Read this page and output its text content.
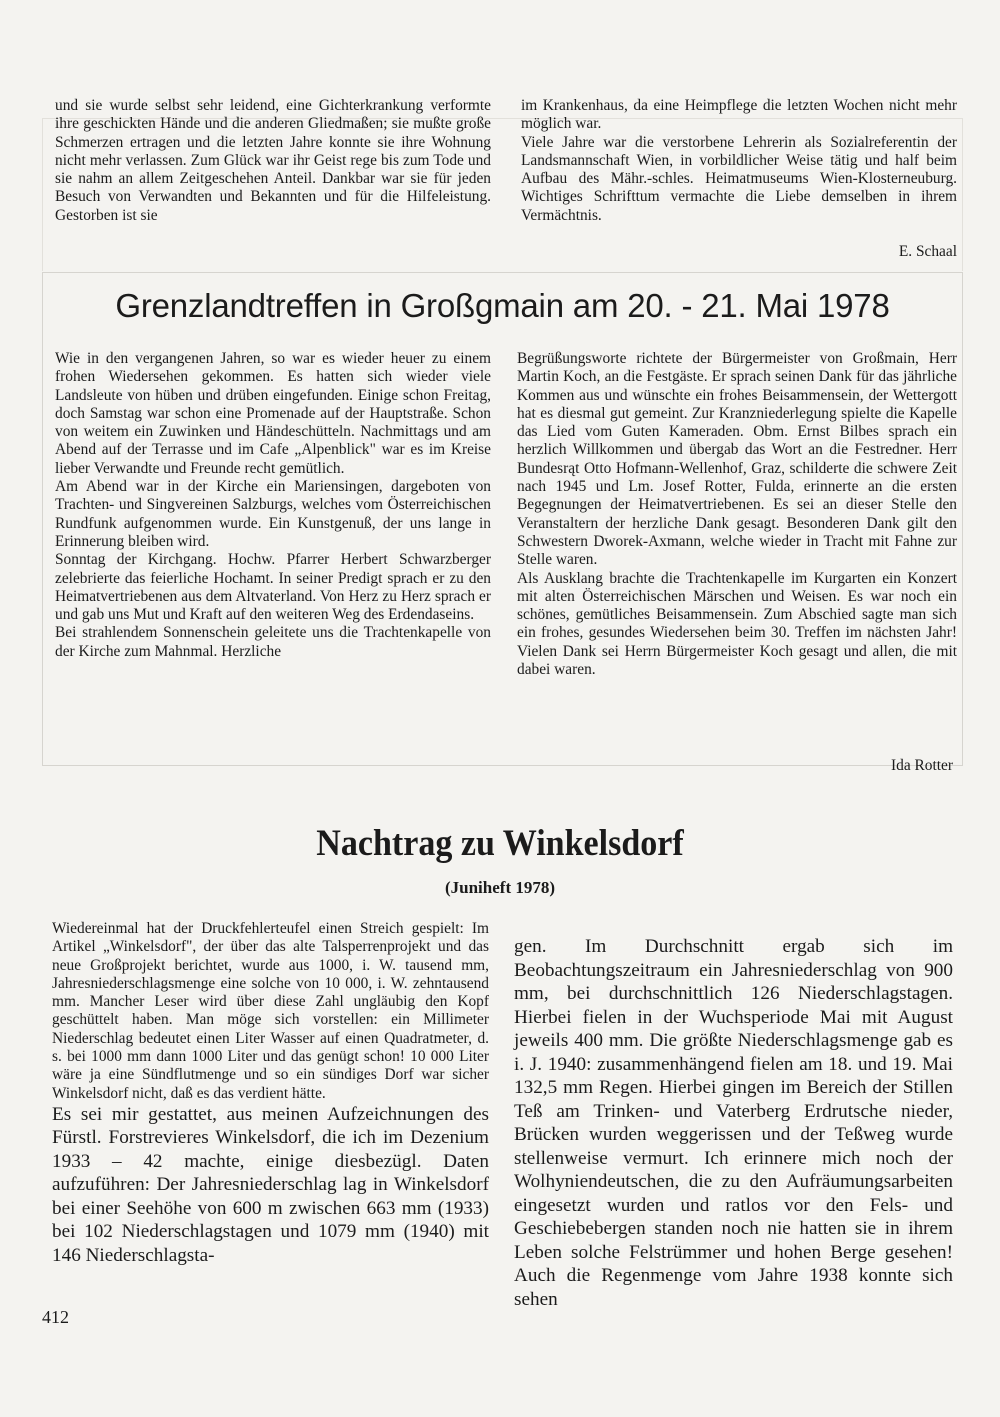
und sie wurde selbst sehr leidend, eine Gichterkrankung verformte ihre geschickten Hände und die anderen Gliedmaßen; sie mußte große Schmerzen ertragen und die letzten Jahre konnte sie ihre Wohnung nicht mehr verlassen. Zum Glück war ihr Geist rege bis zum Tode und sie nahm an allem Zeitgeschehen Anteil. Dankbar war sie für jeden Besuch von Verwandten und Bekannten und für die Hilfeleistung. Gestorben ist sie

im Krankenhaus, da eine Heimpflege die letzten Wochen nicht mehr möglich war.

Viele Jahre war die verstorbene Lehrerin als Sozialreferentin der Landsmannschaft Wien, in vorbildlicher Weise tätig und half beim Aufbau des Mähr.-schles. Heimatmuseums Wien-Klosterneuburg. Wichtiges Schrifttum vermachte die Liebe demselben in ihrem Vermächtnis.

E. Schaal
Grenzlandtreffen in Großgmain am 20. - 21. Mai 1978

Wie in den vergangenen Jahren, so war es wieder heuer zu einem frohen Wiedersehen gekommen. Es hatten sich wieder viele Landsleute von hüben und drüben eingefunden. Einige schon Freitag, doch Samstag war schon eine Promenade auf der Hauptstraße. Schon von weitem ein Zuwinken und Händeschütteln. Nachmittags und am Abend auf der Terrasse und im Cafe „Alpenblick" war es im Kreise lieber Verwandte und Freunde recht gemütlich.

Am Abend war in der Kirche ein Mariensingen, dargeboten von Trachten- und Singvereinen Salzburgs, welches vom Österreichischen Rundfunk aufgenommen wurde. Ein Kunstgenuß, der uns lange in Erinnerung bleiben wird.

Sonntag der Kirchgang. Hochw. Pfarrer Herbert Schwarzberger zelebrierte das feierliche Hochamt. In seiner Predigt sprach er zu den Heimatvertriebenen aus dem Altvaterland. Von Herz zu Herz sprach er und gab uns Mut und Kraft auf den weiteren Weg des Erdendaseins.

Bei strahlendem Sonnenschein geleitete uns die Trachtenkapelle von der Kirche zum Mahnmal. Herzliche

Begrüßungsworte richtete der Bürgermeister von Großmain, Herr Martin Koch, an die Festgäste. Er sprach seinen Dank für das jährliche Kommen aus und wünschte ein frohes Beisammensein, der Wettergott hat es diesmal gut gemeint. Zur Kranzniederlegung spielte die Kapelle das Lied vom Guten Kameraden. Obm. Ernst Bilbes sprach ein herzlich Willkommen und übergab das Wort an die Festredner. Herr Bundesrąt Otto Hofmann-Wellenhof, Graz, schilderte die schwere Zeit nach 1945 und Lm. Josef Rotter, Fulda, erinnerte an die ersten Begegnungen der Heimatvertriebenen. Es sei an dieser Stelle den Veranstaltern der herzliche Dank gesagt. Besonderen Dank gilt den Schwestern Dworek-Axmann, welche wieder in Tracht mit Fahne zur Stelle waren.

Als Ausklang brachte die Trachtenkapelle im Kurgarten ein Konzert mit alten Österreichischen Märschen und Weisen. Es war noch ein schönes, gemütliches Beisammensein. Zum Abschied sagte man sich ein frohes, gesundes Wiedersehen beim 30. Treffen im nächsten Jahr! Vielen Dank sei Herrn Bürgermeister Koch gesagt und allen, die mit dabei waren.

Ida Rotter
Nachtrag zu Winkelsdorf
(Juniheft 1978)

Wiedereinmal hat der Druckfehlerteufel einen Streich gespielt: Im Artikel „Winkelsdorf", der über das alte Talsperrenprojekt und das neue Großprojekt berichtet, wurde aus 1000, i. W. tausend mm, Jahresniederschlagsmenge eine solche von 10 000, i. W. zehntausend mm. Mancher Leser wird über diese Zahl ungläubig den Kopf geschüttelt haben. Man möge sich vorstellen: ein Millimeter Niederschlag bedeutet einen Liter Wasser auf einen Quadratmeter, d. s. bei 1000 mm dann 1000 Liter und das genügt schon! 10 000 Liter wäre ja eine Sündflutmenge und so ein sündiges Dorf war sicher Winkelsdorf nicht, daß es das verdient hätte.

Es sei mir gestattet, aus meinen Aufzeichnungen des Fürstl. Forstrevieres Winkelsdorf, die ich im Dezenium 1933 – 42 machte, einige diesbezügl. Daten aufzuführen: Der Jahresniederschlag lag in Winkelsdorf bei einer Seehöhe von 600 m zwischen 663 mm (1933) bei 102 Niederschlagstagen und 1079 mm (1940) mit 146 Niederschlagsta-

gen. Im Durchschnitt ergab sich im Beobachtungszeitraum ein Jahresniederschlag von 900 mm, bei durchschnittlich 126 Niederschlagstagen. Hierbei fielen in der Wuchsperiode Mai mit August jeweils 400 mm. Die größte Niederschlagsmenge gab es i. J. 1940: zusammenhängend fielen am 18. und 19. Mai 132,5 mm Regen. Hierbei gingen im Bereich der Stillen Teß am Trinken- und Vaterberg Erdrutsche nieder, Brücken wurden weggerissen und der Teßweg wurde stellenweise vermurt. Ich erinnere mich noch der Wolhyniendeutschen, die zu den Aufräumungsarbeiten eingesetzt wurden und ratlos vor den Fels- und Geschiebebergen standen noch nie hatten sie in ihrem Leben solche Felstrümmer und hohen Berge gesehen! Auch die Regenmenge vom Jahre 1938 konnte sich sehen

412
